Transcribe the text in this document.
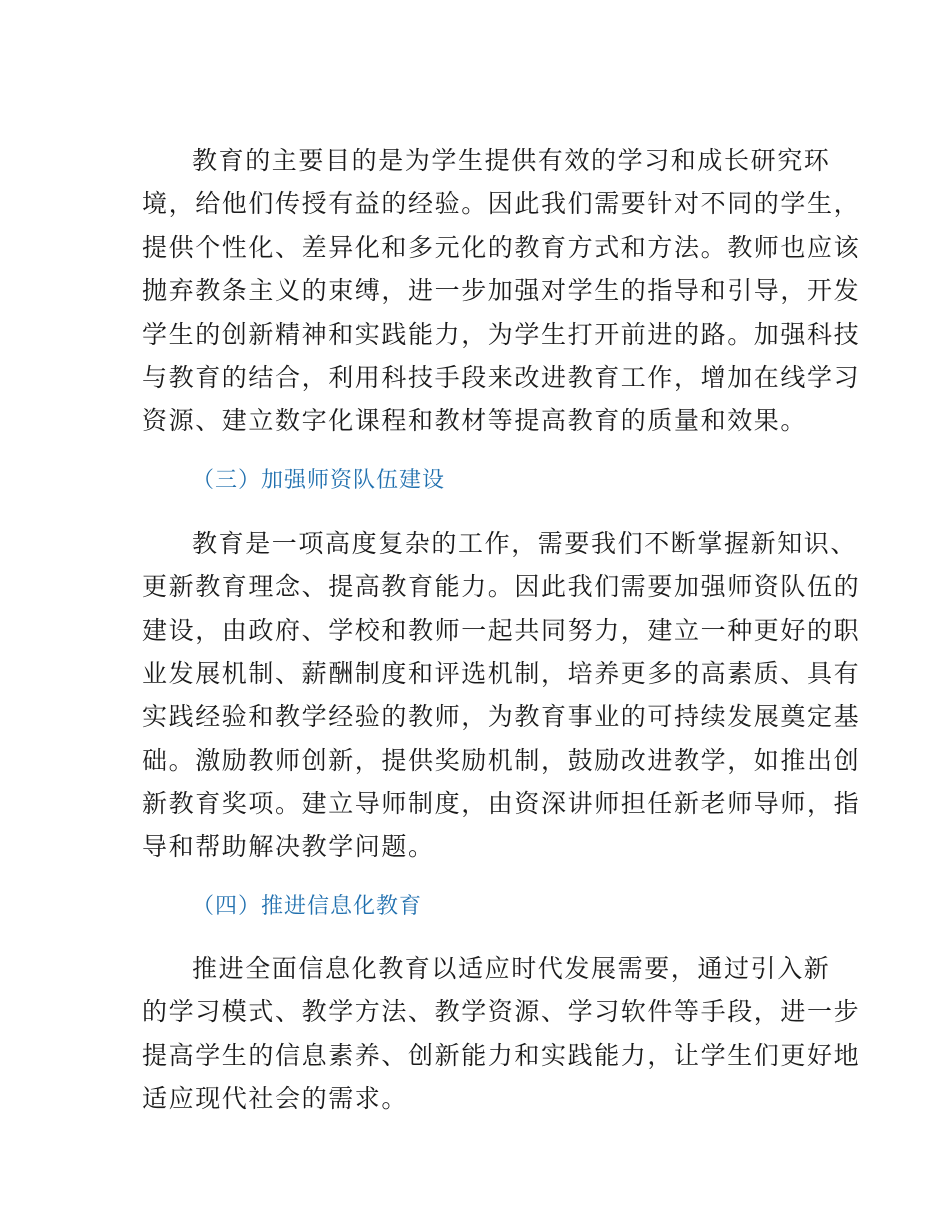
教育的主要目的是为学生提供有效的学习和成长研究环
境，给他们传授有益的经验。因此我们需要针对不同的学生，
提供个性化、差异化和多元化的教育方式和方法。教师也应该
抛弃教条主义的束缚，进一步加强对学生的指导和引导，开发
学生的创新精神和实践能力，为学生打开前进的路。加强科技
与教育的结合，利用科技手段来改进教育工作，增加在线学习
资源、建立数字化课程和教材等提高教育的质量和效果。
（三）加强师资队伍建设
教育是一项高度复杂的工作，需要我们不断掌握新知识、
更新教育理念、提高教育能力。因此我们需要加强师资队伍的
建设，由政府、学校和教师一起共同努力，建立一种更好的职
业发展机制、薪酬制度和评选机制，培养更多的高素质、具有
实践经验和教学经验的教师，为教育事业的可持续发展奠定基
础。激励教师创新，提供奖励机制，鼓励改进教学，如推出创
新教育奖项。建立导师制度，由资深讲师担任新老师导师，指
导和帮助解决教学问题。
（四）推进信息化教育
推进全面信息化教育以适应时代发展需要，通过引入新
的学习模式、教学方法、教学资源、学习软件等手段，进一步
提高学生的信息素养、创新能力和实践能力，让学生们更好地
适应现代社会的需求。
